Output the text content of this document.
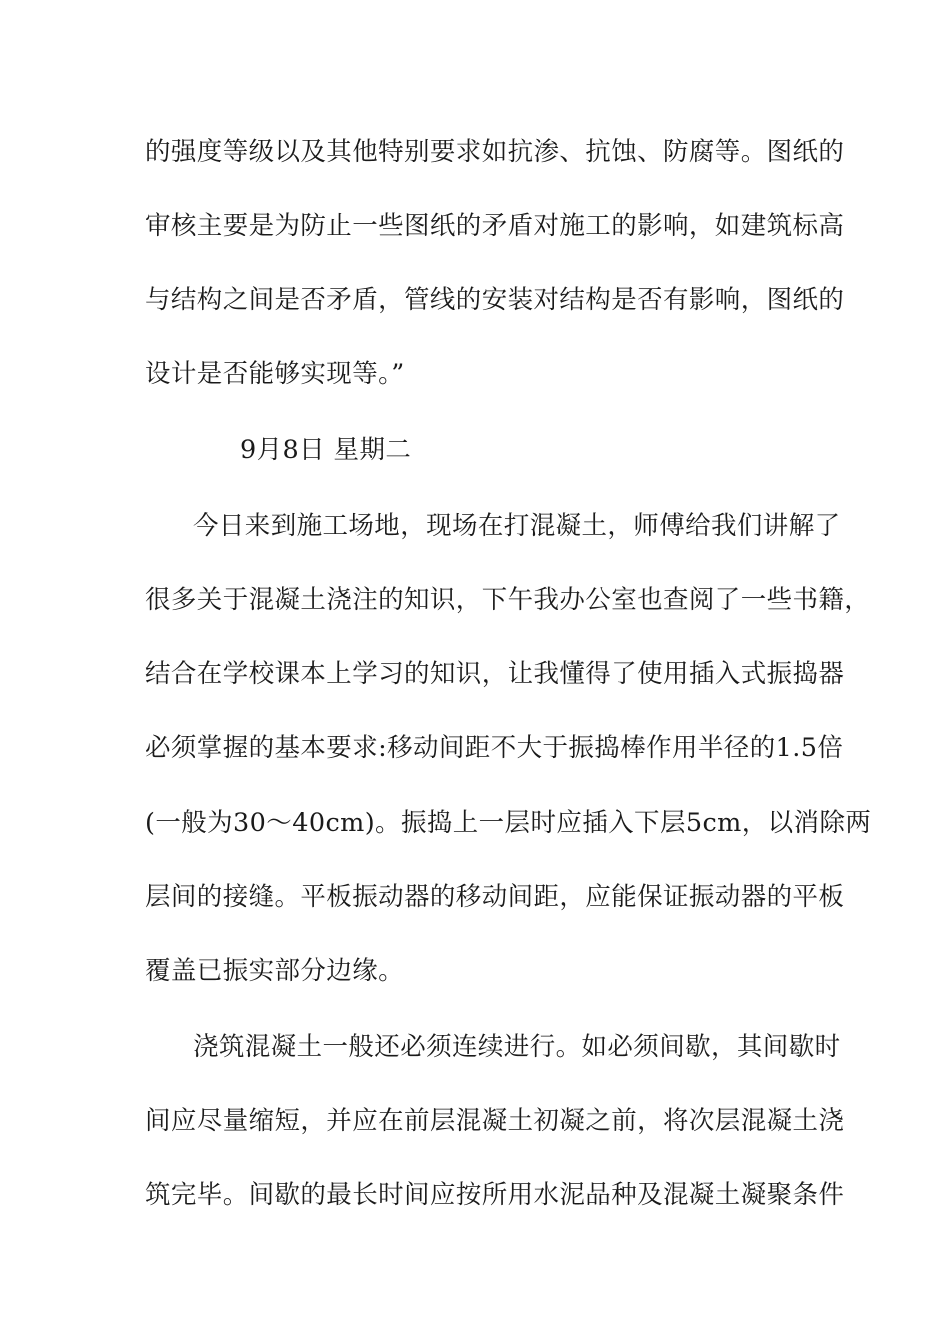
的强度等级以及其他特别要求如抗渗、抗蚀、防腐等。图纸的
审核主要是为防止一些图纸的矛盾对施工的影响，如建筑标高
与结构之间是否矛盾，管线的安装对结构是否有影响，图纸的
设计是否能够实现等。”
9月8日 星期二
今日来到施工场地，现场在打混凝土，师傅给我们讲解了
很多关于混凝土浇注的知识，下午我办公室也查阅了一些书籍，
结合在学校课本上学习的知识，让我懂得了使用插入式振捣器
必须掌握的基本要求:移动间距不大于振捣棒作用半径的1.5倍
(一般为30～40cm)。振捣上一层时应插入下层5cm，以消除两
层间的接缝。平板振动器的移动间距，应能保证振动器的平板
覆盖已振实部分边缘。
浇筑混凝土一般还必须连续进行。如必须间歇，其间歇时
间应尽量缩短，并应在前层混凝土初凝之前，将次层混凝土浇
筑完毕。间歇的最长时间应按所用水泥品种及混凝土凝聚条件
